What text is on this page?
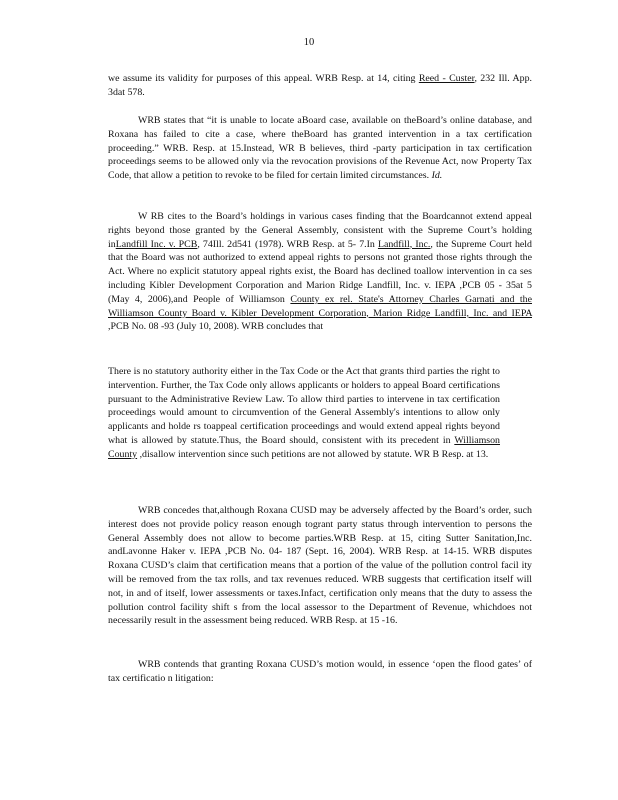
10

we assume its validity for purposes of this appeal. WRB Resp. at 14, citing Reed - Custer, 232 Ill. App. 3dat 578.

WRB states that “it is unable to locate aBoard case, available on theBoard’s online database, and Roxana has failed to cite a case, where theBoard has granted intervention in a tax certification proceeding.” WRB. Resp. at 15.Instead, WR B believes, third -party participation in tax certification proceedings seems to be allowed only via the revocation provisions of the Revenue Act, now Property Tax Code, that allow a petition to revoke to be filed for certain limited circumstances. Id.

W RB cites to the Board’s holdings in various cases finding that the Boardcannot extend appeal rights beyond those granted by the General Assembly, consistent with the Supreme Court’s holding inLandfill Inc. v. PCB, 74Ill. 2d541 (1978). WRB Resp. at 5- 7.In Landfill, Inc., the Supreme Court held that the Board was not authorized to extend appeal rights to persons not granted those rights through the Act. Where no explicit statutory appeal rights exist, the Board has declined toallow intervention in ca ses including Kibler Development Corporation and Marion Ridge Landfill, Inc. v. IEPA ,PCB 05 - 35at 5 (May 4, 2006),and People of Williamson County ex rel. State's Attorney Charles Garnati and the Williamson County Board v. Kibler Development Corporation, Marion Ridge Landfill, Inc. and IEPA ,PCB No. 08 -93 (July 10, 2008). WRB concludes that

There is no statutory authority either in the Tax Code or the Act that grants third parties the right to intervention. Further, the Tax Code only allows applicants or holders to appeal Board certifications pursuant to the Administrative Review Law. To allow third parties to intervene in tax certification proceedings would amount to circumvention of the General Assembly's intentions to allow only applicants and holde rs toappeal certification proceedings and would extend appeal rights beyond what is allowed by statute.Thus, the Board should, consistent with its precedent in Williamson County ,disallow intervention since such petitions are not allowed by statute. WR B Resp. at 13.

WRB concedes that,although Roxana CUSD may be adversely affected by the Board’s order, such interest does not provide policy reason enough togrant party status through intervention to persons the General Assembly does not allow to become parties.WRB Resp. at 15, citing Sutter Sanitation,Inc. andLavonne Haker v. IEPA ,PCB No. 04- 187 (Sept. 16, 2004). WRB Resp. at 14-15. WRB disputes Roxana CUSD’s claim that certification means that a portion of the value of the pollution control facil ity will be removed from the tax rolls, and tax revenues reduced. WRB suggests that certification itself will not, in and of itself, lower assessments or taxes.Infact, certification only means that the duty to assess the pollution control facility shift s from the local assessor to the Department of Revenue, whichdoes not necessarily result in the assessment being reduced. WRB Resp. at 15 -16.

WRB contends that granting Roxana CUSD’s motion would, in essence ‘open the flood gates’ of tax certificatio n litigation:
